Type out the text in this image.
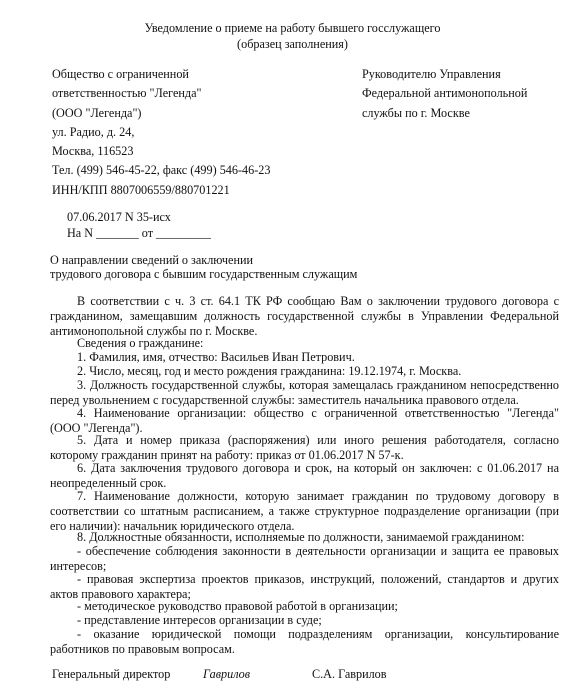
Уведомление о приеме на работу бывшего госслужащего
(образец заполнения)
Общество с ограниченной
ответственностью "Легенда"
(ООО "Легенда")
ул. Радио, д. 24,
Москва, 116523
Тел. (499) 546-45-22, факс (499) 546-46-23
ИНН/КПП 8807006559/880701221
Руководителю Управления
Федеральной антимонопольной
службы по г. Москве
07.06.2017 N 35-исх
На N _______ от _________
О направлении сведений о заключении
трудового договора с бывшим государственным служащим
В соответствии с ч. 3 ст. 64.1 ТК РФ сообщаю Вам о заключении трудового договора с гражданином, замещавшим должность государственной службы в Управлении Федеральной антимонопольной службы по г. Москве.
Сведения о гражданине:
1. Фамилия, имя, отчество: Васильев Иван Петрович.
2. Число, месяц, год и место рождения гражданина: 19.12.1974, г. Москва.
3. Должность государственной службы, которая замещалась гражданином непосредственно перед увольнением с государственной службы: заместитель начальника правового отдела.
4. Наименование организации: общество с ограниченной ответственностью "Легенда" (ООО "Легенда").
5. Дата и номер приказа (распоряжения) или иного решения работодателя, согласно которому гражданин принят на работу: приказ от 01.06.2017 N 57-к.
6. Дата заключения трудового договора и срок, на который он заключен: с 01.06.2017 на неопределенный срок.
7. Наименование должности, которую занимает гражданин по трудовому договору в соответствии со штатным расписанием, а также структурное подразделение организации (при его наличии): начальник юридического отдела.
8. Должностные обязанности, исполняемые по должности, занимаемой гражданином:
- обеспечение соблюдения законности в деятельности организации и защита ее правовых интересов;
- правовая экспертиза проектов приказов, инструкций, положений, стандартов и других актов правового характера;
- методическое руководство правовой работой в организации;
- представление интересов организации в суде;
- оказание юридической помощи подразделениям организации, консультирование работников по правовым вопросам.
Генеральный директор	Гаврилов	С.А. Гаврилов
